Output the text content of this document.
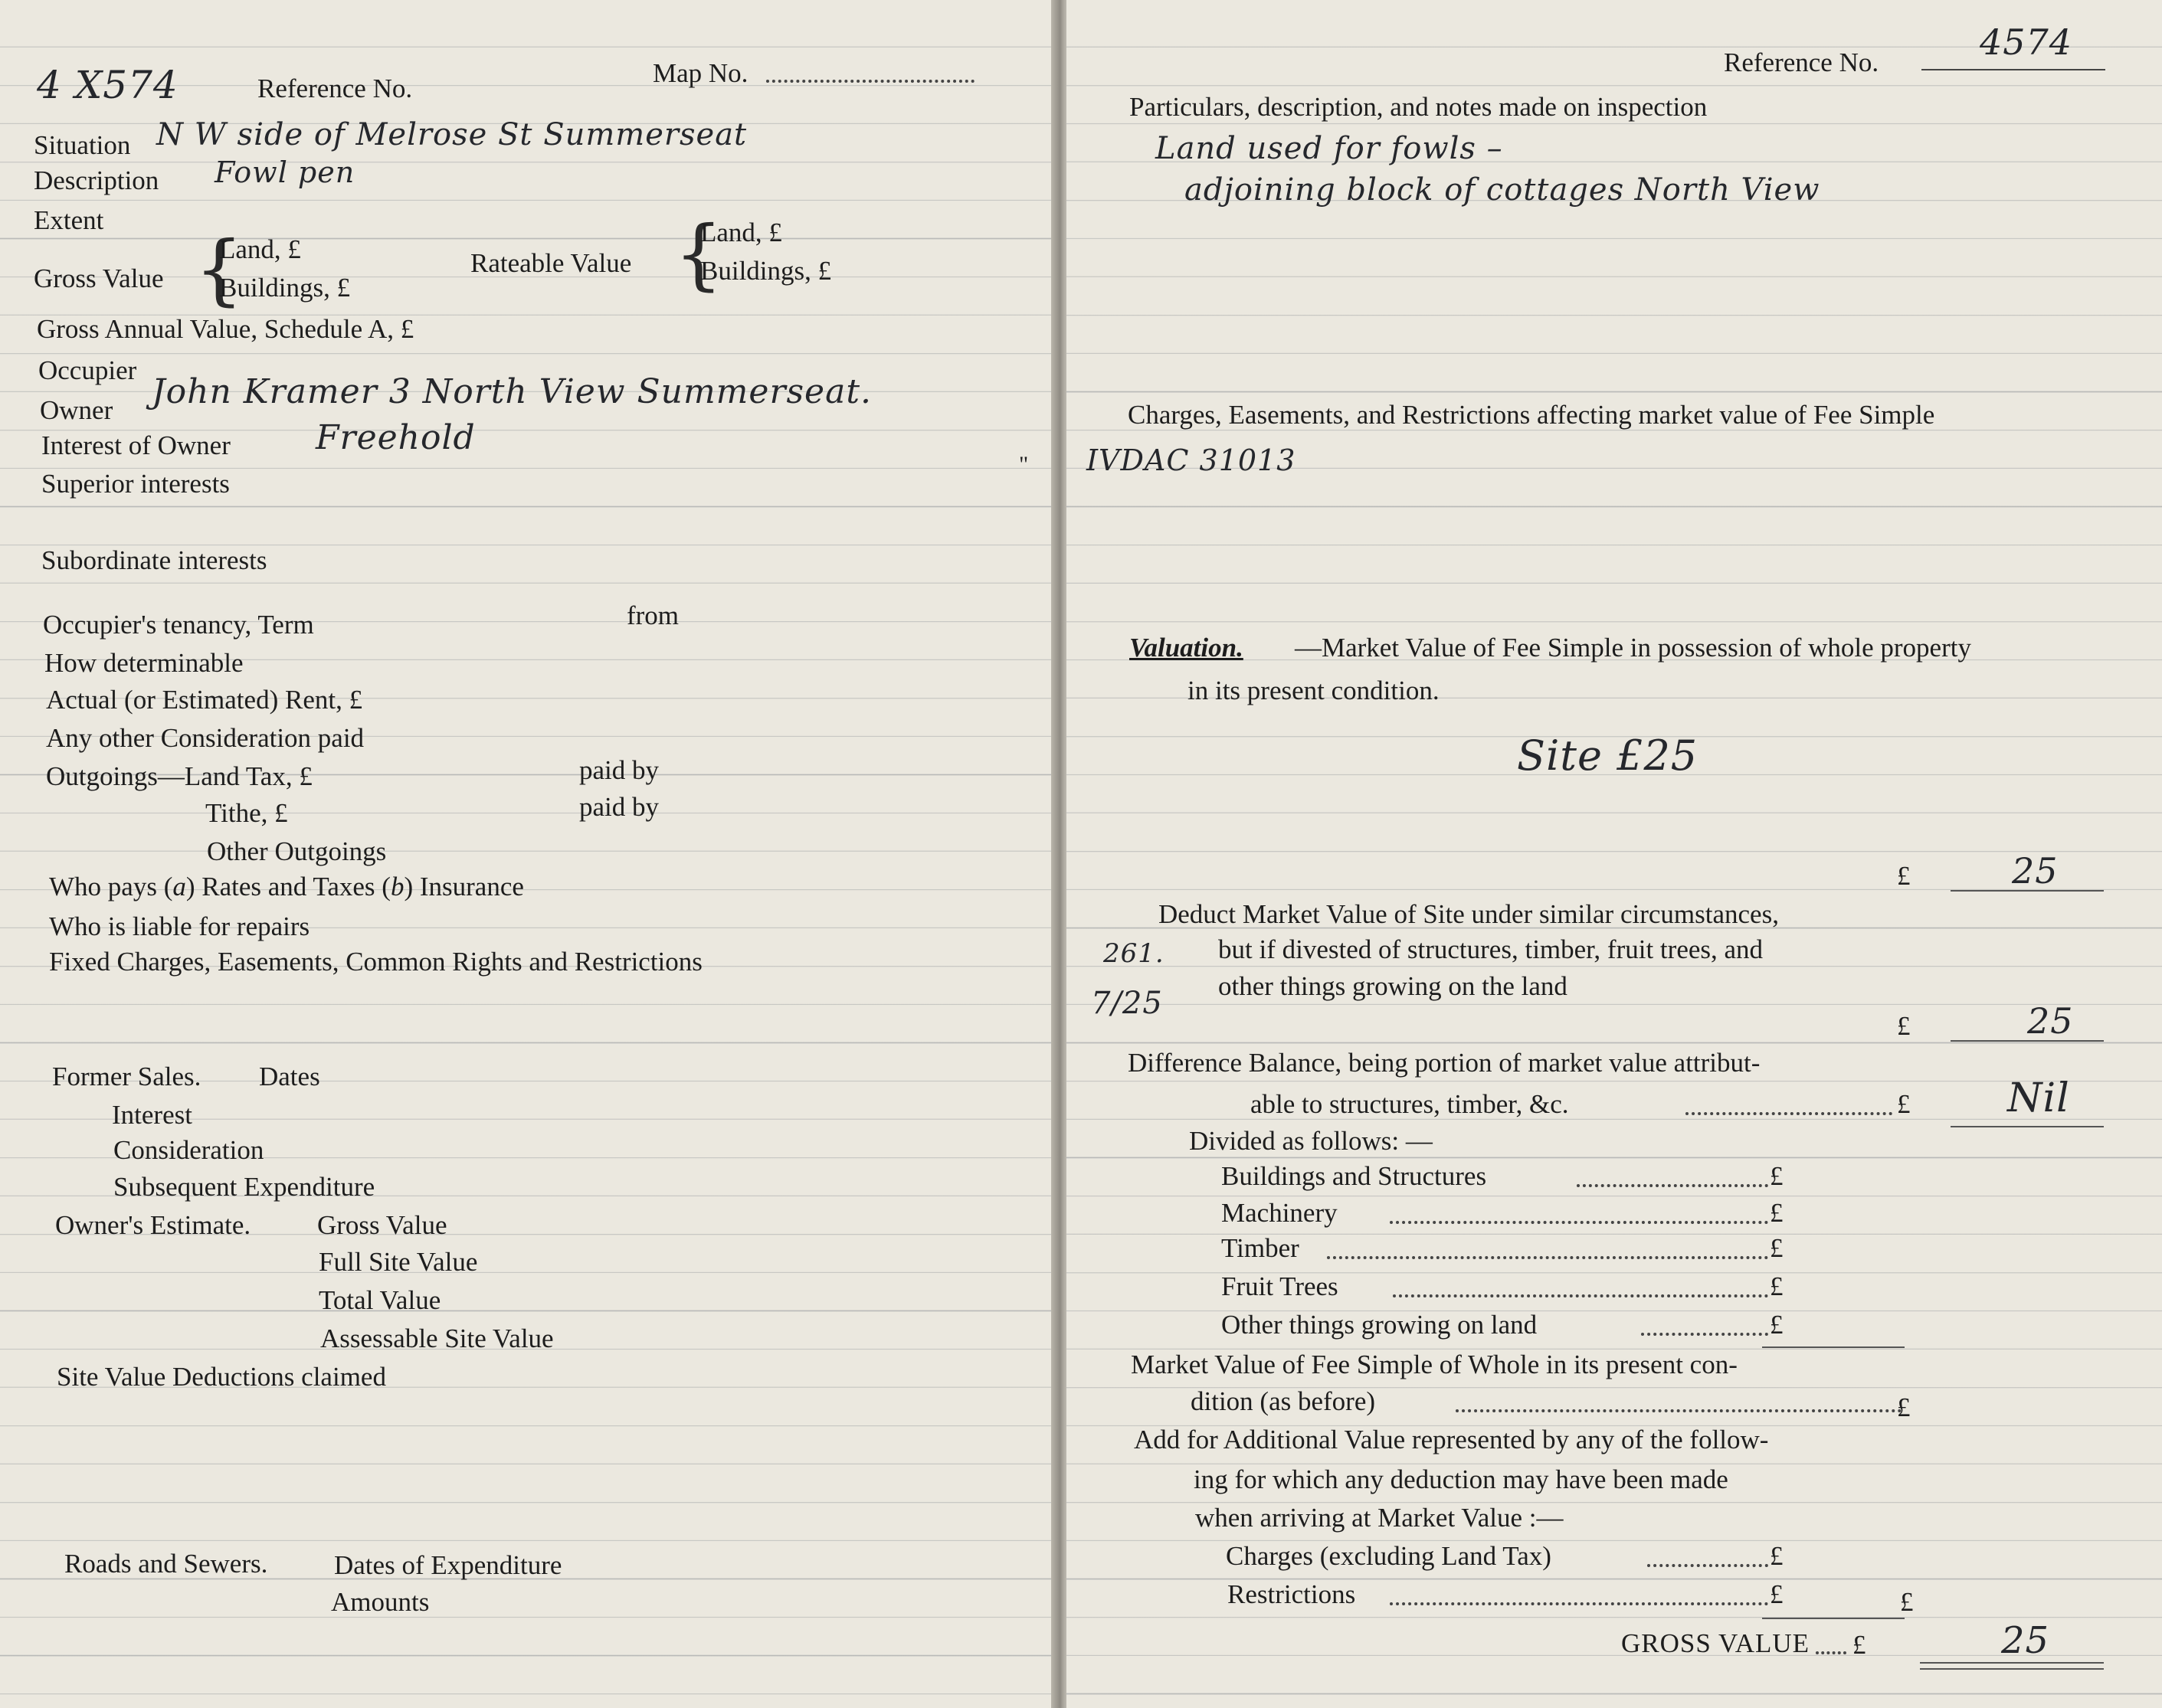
4 X574	Reference No.
Map No.
Situation N W side of Melrose St Summerseat
Description Fowl pen
Extent
Gross Value {
Land, £
Buildings, £
Rateable Value {
Land, £
Buildings, £
Gross Annual Value, Schedule A, £
Occupier
Owner John Kramer 3 North View Summerseat.
Interest of Owner	Freehold
Superior interests
"
Subordinate interests
Occupier's tenancy, Term	from
How determinable
Actual (or Estimated) Rent, £
Any other Consideration paid
Outgoings—Land Tax, £	paid by
Tithe, £	paid by
Other Outgoings
Who pays (a) Rates and Taxes (b) Insurance
Who is liable for repairs
Fixed Charges, Easements, Common Rights and Restrictions
Former Sales. Dates
Interest
Consideration
Subsequent Expenditure
Owner's Estimate. Gross Value
Full Site Value
Total Value
Assessable Site Value
Site Value Deductions claimed
Roads and Sewers. Dates of Expenditure
Amounts
Reference No.	4574
Particulars, description, and notes made on inspection
Land used for fowls –
adjoining block of cottages North View
Charges, Easements, and Restrictions affecting market value of Fee Simple
IVDAC 31013
Valuation. —Market Value of Fee Simple in possession of whole property
in its present condition.
Site £25
£	25
Deduct Market Value of Site under similar circumstances,
but if divested of structures, timber, fruit trees, and
other things growing on the land
261.
7/25
£	25
Difference Balance, being portion of market value attribut-
able to structures, timber, &c.	£ Nil
Divided as follows: —
Buildings and Structures	£
Machinery	£
Timber	£
Fruit Trees	£
Other things growing on land	£
Market Value of Fee Simple of Whole in its present con-
dition (as before)	£
Add for Additional Value represented by any of the follow-
ing for which any deduction may have been made
when arriving at Market Value :—
Charges (excluding Land Tax)	£
Restrictions	£	£
GROSS VALUE £	25
